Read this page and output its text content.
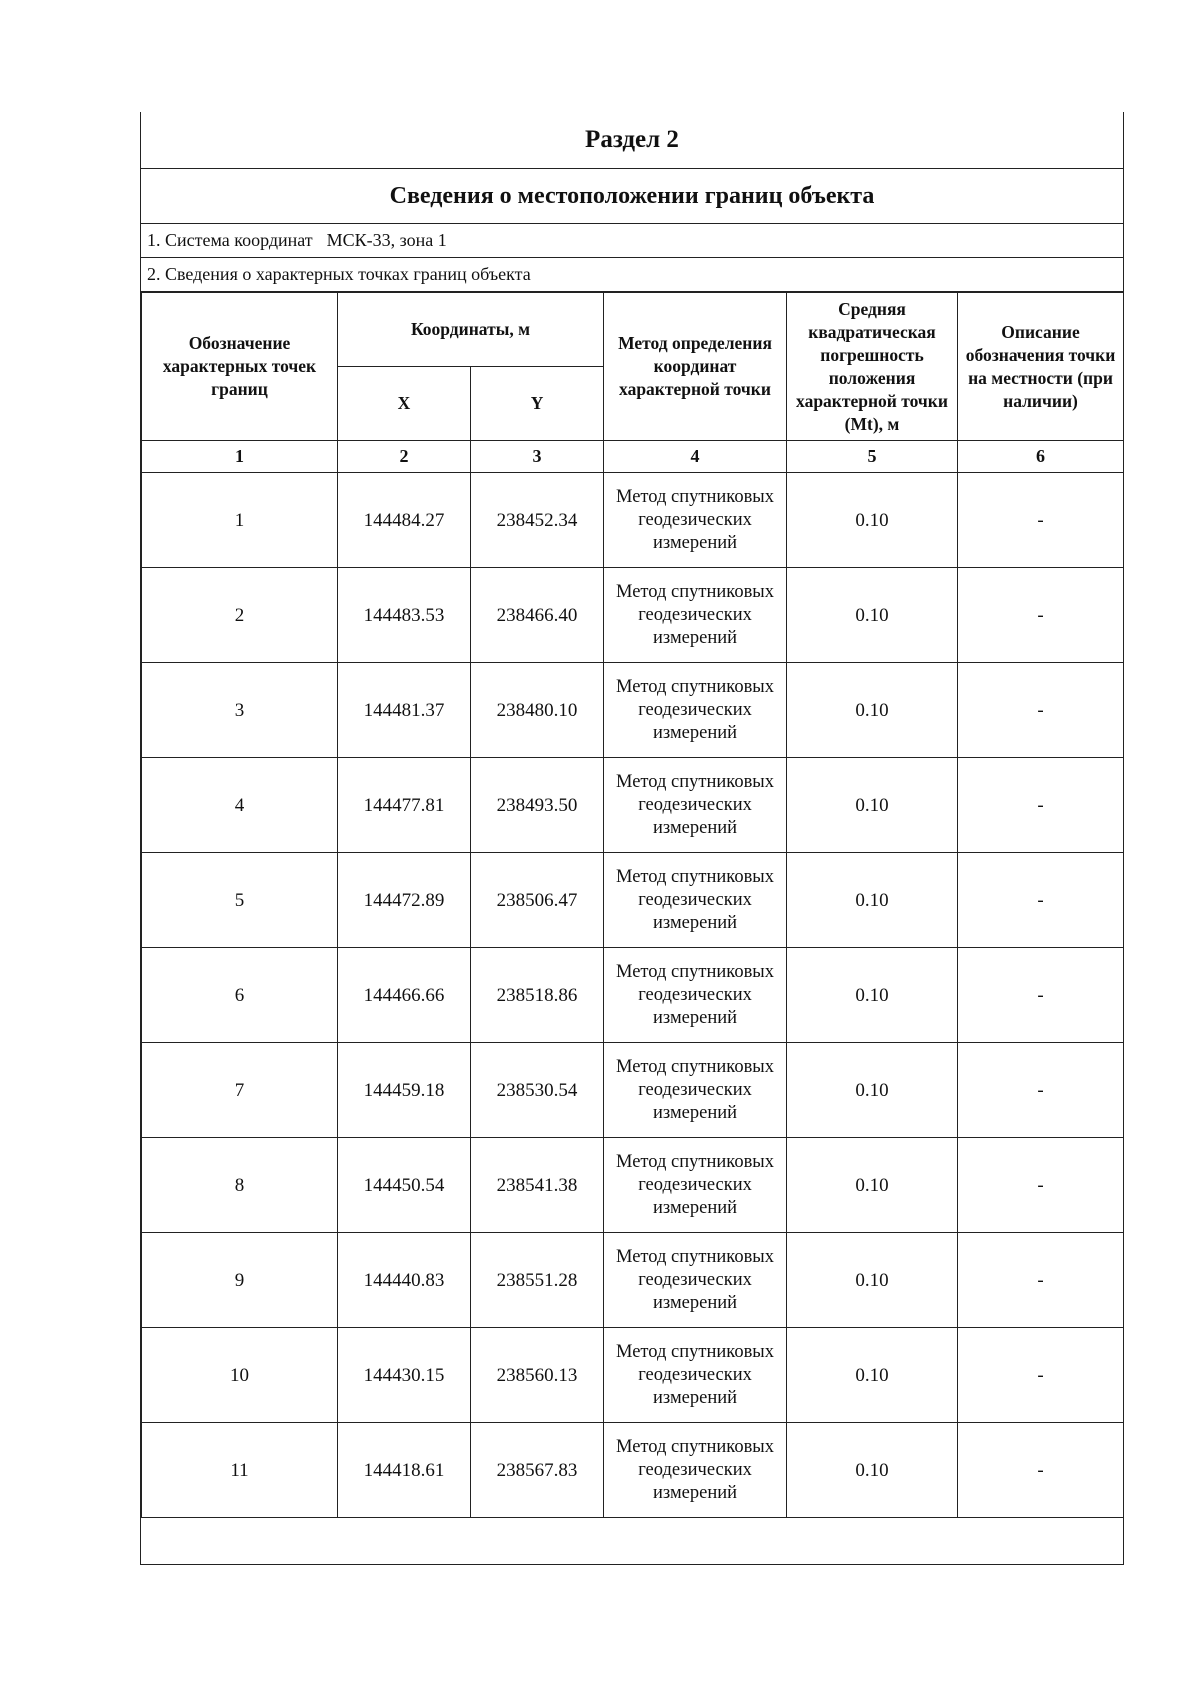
Раздел 2
Сведения о местоположении границ объекта
1. Система координат МСК-33, зона 1
2. Сведения о характерных точках границ объекта
Обозначение характерных точек границ	Координаты, м		Метод определения координат характерной точки	Средняя квадратическая погрешность положения характерной точки (Mt), м	Описание обозначения точки на местности (при наличии)
	X	Y			
1	2	3	4	5	6
1	144484.27	238452.34	Метод спутниковых геодезических измерений	0.10	-
2	144483.53	238466.40	Метод спутниковых геодезических измерений	0.10	-
3	144481.37	238480.10	Метод спутниковых геодезических измерений	0.10	-
4	144477.81	238493.50	Метод спутниковых геодезических измерений	0.10	-
5	144472.89	238506.47	Метод спутниковых геодезических измерений	0.10	-
6	144466.66	238518.86	Метод спутниковых геодезических измерений	0.10	-
7	144459.18	238530.54	Метод спутниковых геодезических измерений	0.10	-
8	144450.54	238541.38	Метод спутниковых геодезических измерений	0.10	-
9	144440.83	238551.28	Метод спутниковых геодезических измерений	0.10	-
10	144430.15	238560.13	Метод спутниковых геодезических измерений	0.10	-
11	144418.61	238567.83	Метод спутниковых геодезических измерений	0.10	-
